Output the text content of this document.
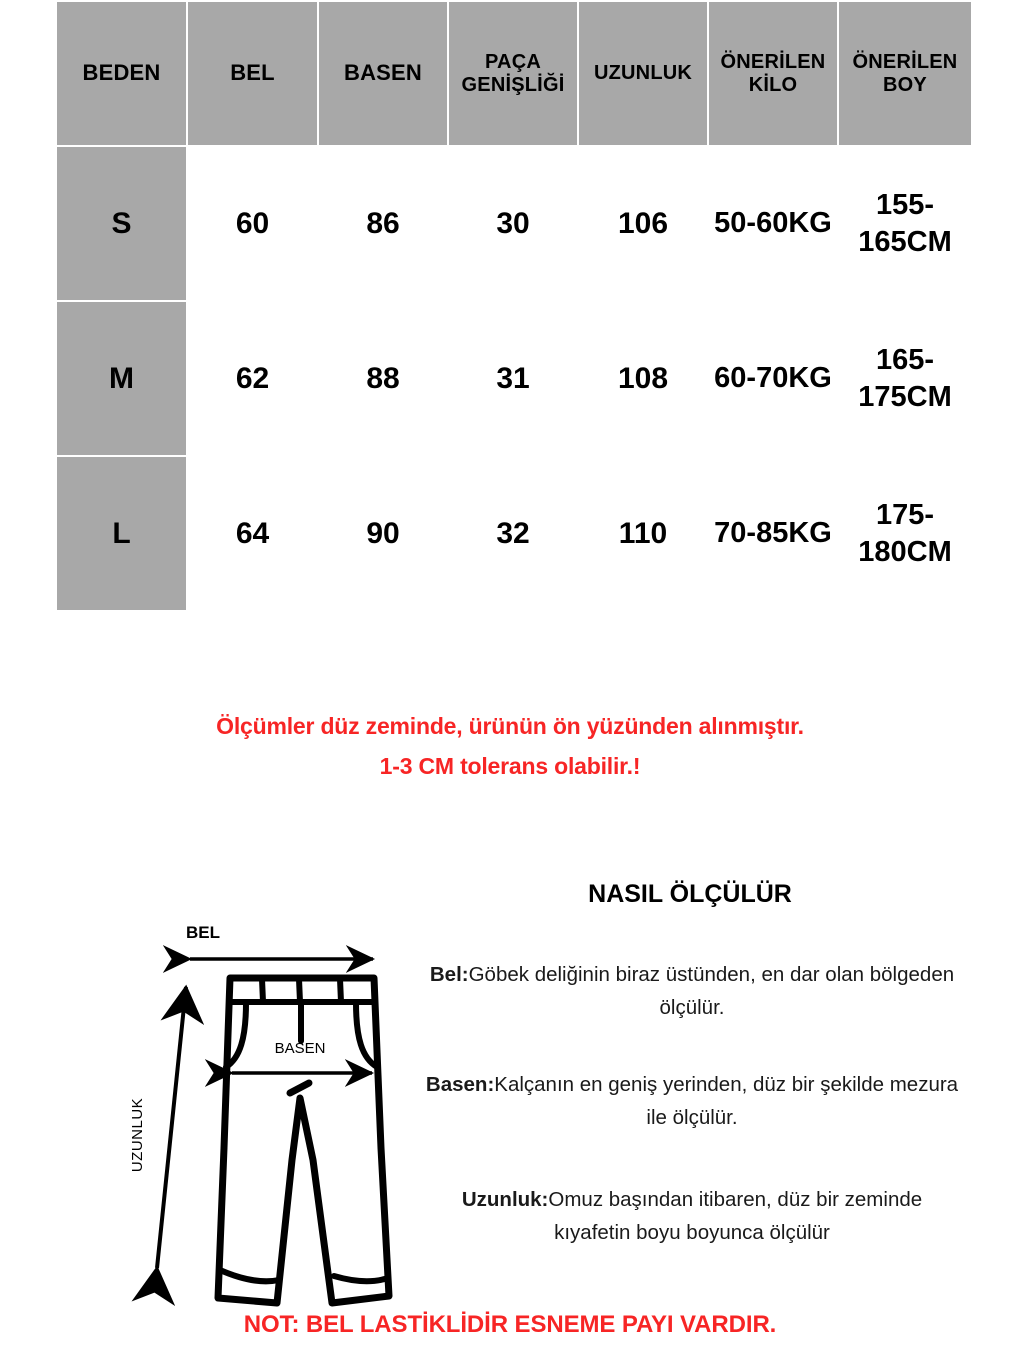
BEDEN	BEL	BASEN	PAÇA GENİŞLİĞİ	UZUNLUK	ÖNERİLEN KİLO	ÖNERİLEN BOY
S	60	86	30	106	50-60KG	155-165CM
M	62	88	31	108	60-70KG	165-175CM
L	64	90	32	110	70-85KG	175-180CM
Ölçümler düz zeminde, ürünün ön yüzünden alınmıştır.
1-3 CM tolerans olabilir.!
NASIL ÖLÇÜLÜR
Bel:Göbek deliğinin biraz üstünden, en dar olan bölgeden ölçülür.
Basen:Kalçanın en geniş yerinden, düz bir şekilde mezura ile ölçülür.
Uzunluk:Omuz başından itibaren, düz bir zeminde kıyafetin boyu boyunca ölçülür
BEL
UZUNLUK
BASEN
NOT: BEL LASTİKLİDİR ESNEME PAYI VARDIR.
